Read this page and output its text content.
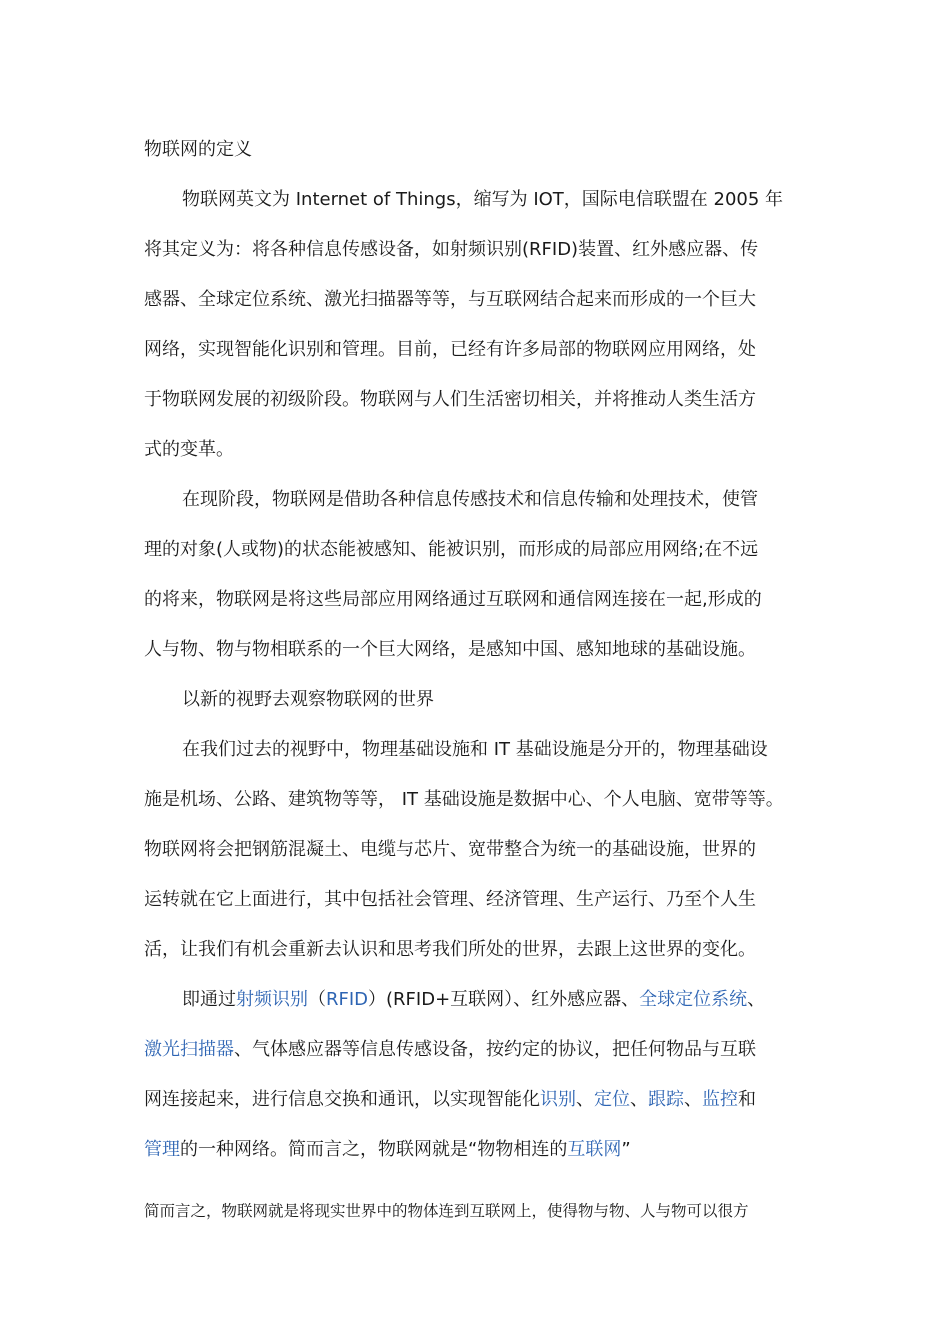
物联网的定义
物联网英文为 Internet of Things，缩写为 IOT，国际电信联盟在 2005 年
将其定义为：将各种信息传感设备，如射频识别(RFID)装置、红外感应器、传
感器、全球定位系统、激光扫描器等等，与互联网结合起来而形成的一个巨大
网络，实现智能化识别和管理。目前，已经有许多局部的物联网应用网络，处
于物联网发展的初级阶段。物联网与人们生活密切相关，并将推动人类生活方
式的变革。
在现阶段，物联网是借助各种信息传感技术和信息传输和处理技术，使管
理的对象(人或物)的状态能被感知、能被识别，而形成的局部应用网络;在不远
的将来，物联网是将这些局部应用网络通过互联网和通信网连接在一起,形成的
人与物、物与物相联系的一个巨大网络，是感知中国、感知地球的基础设施。
以新的视野去观察物联网的世界
在我们过去的视野中，物理基础设施和 IT 基础设施是分开的，物理基础设
施是机场、公路、建筑物等等， IT 基础设施是数据中心、个人电脑、宽带等等。
物联网将会把钢筋混凝土、电缆与芯片、宽带整合为统一的基础设施，世界的
运转就在它上面进行，其中包括社会管理、经济管理、生产运行、乃至个人生
活，让我们有机会重新去认识和思考我们所处的世界，去跟上这世界的变化。
即通过射频识别（RFID）(RFID+互联网）、红外感应器、全球定位系统、
激光扫描器、气体感应器等信息传感设备，按约定的协议，把任何物品与互联
网连接起来，进行信息交换和通讯，以实现智能化识别、定位、跟踪、监控和
管理的一种网络。简而言之，物联网就是“物物相连的互联网”
简而言之，物联网就是将现实世界中的物体连到互联网上，使得物与物、人与物可以很方
